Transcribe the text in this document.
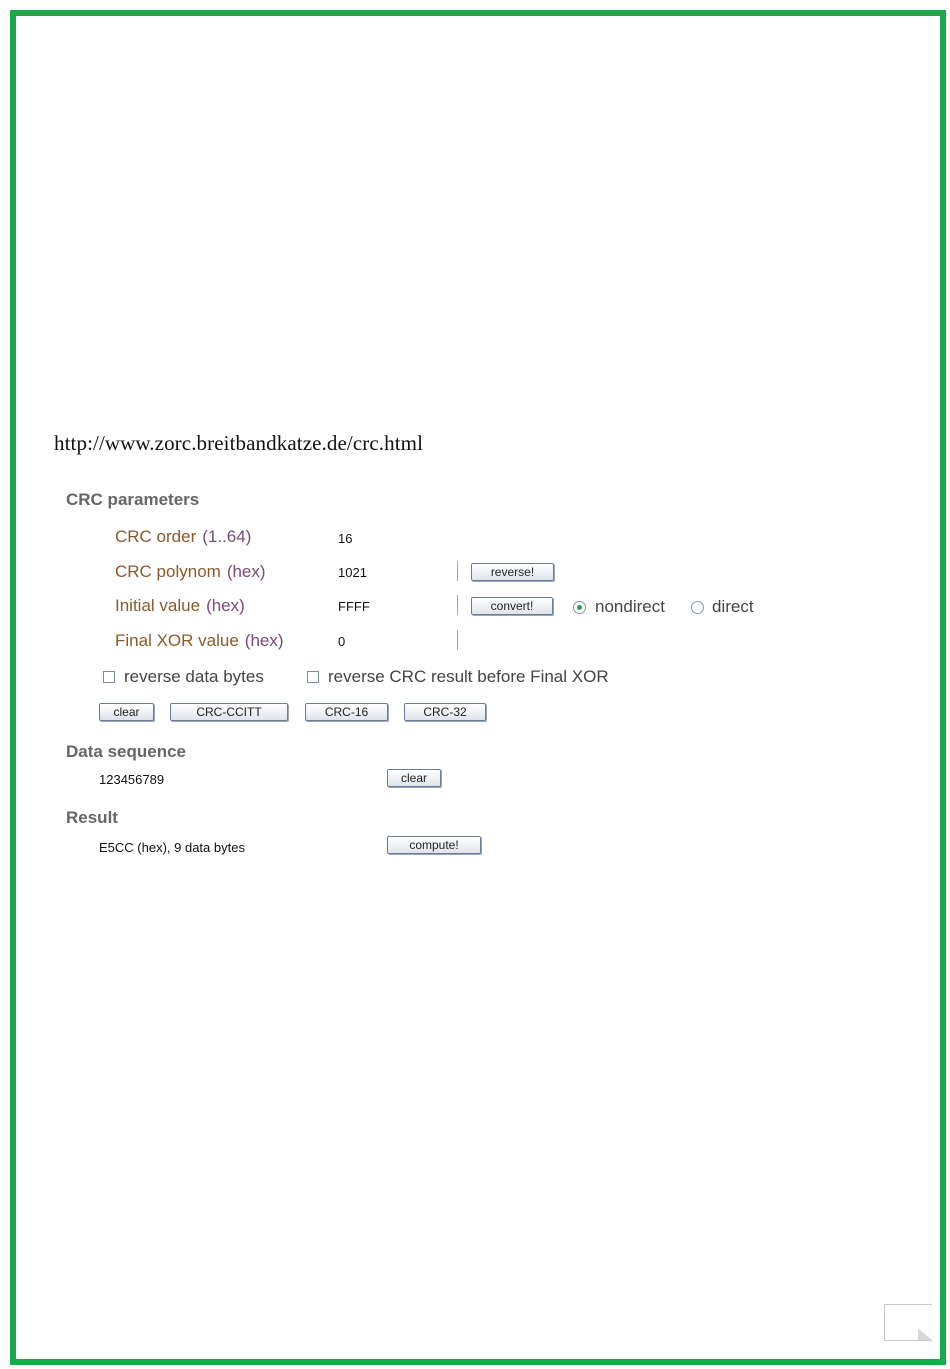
http://www.zorc.breitbandkatze.de/crc.html
CRC parameters
CRC order (1..64)	16
CRC polynom (hex)	1021	reverse!
Initial value (hex)	FFFF	convert!	nondirect	direct
Final XOR value (hex)	0
reverse data bytes	reverse CRC result before Final XOR
clear	CRC-CCITT	CRC-16	CRC-32
Data sequence
123456789	clear
Result
E5CC (hex), 9 data bytes	compute!
